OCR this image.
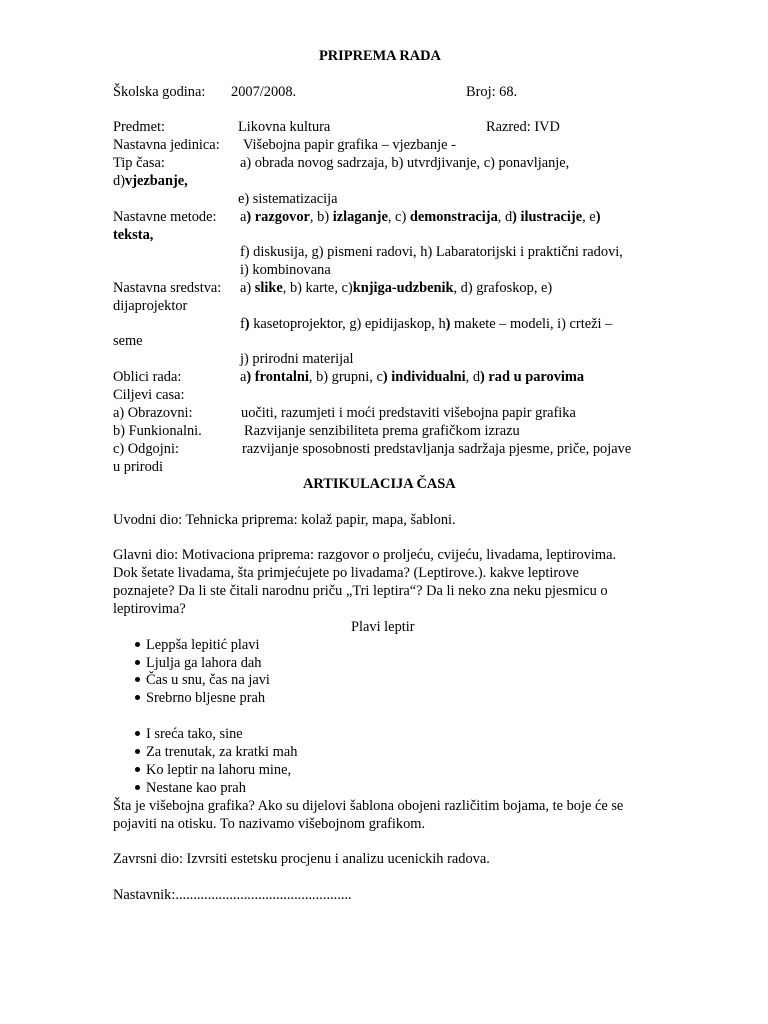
PRIPREMA RADA
Školska godina: 2007/2008.	Broj: 68.
Predmet:	Likovna kultura	Razred: IVD
Nastavna jedinica: Višebojna papir grafika – vjezbanje -
Tip časa:	a) obrada novog sadrzaja, b) utvrdjivanje, c) ponavljanje,
d)vjezbanje,
e) sistematizacija
Nastavne metode: a) razgovor, b) izlaganje, c) demonstracija, d) ilustracije, e)
teksta,
f) diskusija, g) pismeni radovi, h) Labaratorijski i praktični radovi,
i) kombinovana
Nastavna sredstva: a) slike, b) karte, c)knjiga-udzbenik, d) grafoskop, e)
dijaprojektor
f) kasetoprojektor, g) epidijaskop, h) makete – modeli, i) crteži –
seme
j) prirodni materijal
Oblici rada:	a) frontalni, b) grupni, c) individualni, d) rad u parovima
Ciljevi casa:
a) Obrazovni:	uočiti, razumjeti i moći predstaviti višebojna papir grafika
b) Funkionalni.	Razvijanje senzibiliteta prema grafičkom izrazu
c) Odgojni:	razvijanje sposobnosti predstavljanja sadržaja pjesme, priče, pojave
u prirodi
ARTIKULACIJA ČASA
Uvodni dio: Tehnicka priprema: kolaž papir, mapa, šabloni.
Glavni dio: Motivaciona priprema: razgovor o proljeću, cvijeću, livadama, leptirovima.
Dok šetate livadama, šta primjećujete po livadama? (Leptirove.). kakve leptirove
poznajete? Da li ste čitali narodnu priču „Tri leptira“? Da li neko zna neku pjesmicu o
leptirovima?
Plavi leptir
Lepрša lepitić plavi
Ljulja ga lahora dah
Čas u snu, čas na javi
Srebrno bljesne prah
I sreća tako, sine
Za trenutak, za kratki mah
Ko leptir na lahoru mine,
Nestane kao prah
Šta je višebojna grafika? Ako su dijelovi šablona obojeni različitim bojama, te boje će se
pojaviti na otisku. To nazivamo višebojnom grafikom.
Zavrsni dio: Izvrsiti estetsku procjenu i analizu ucenickih radova.
Nastavnik:.................................................
